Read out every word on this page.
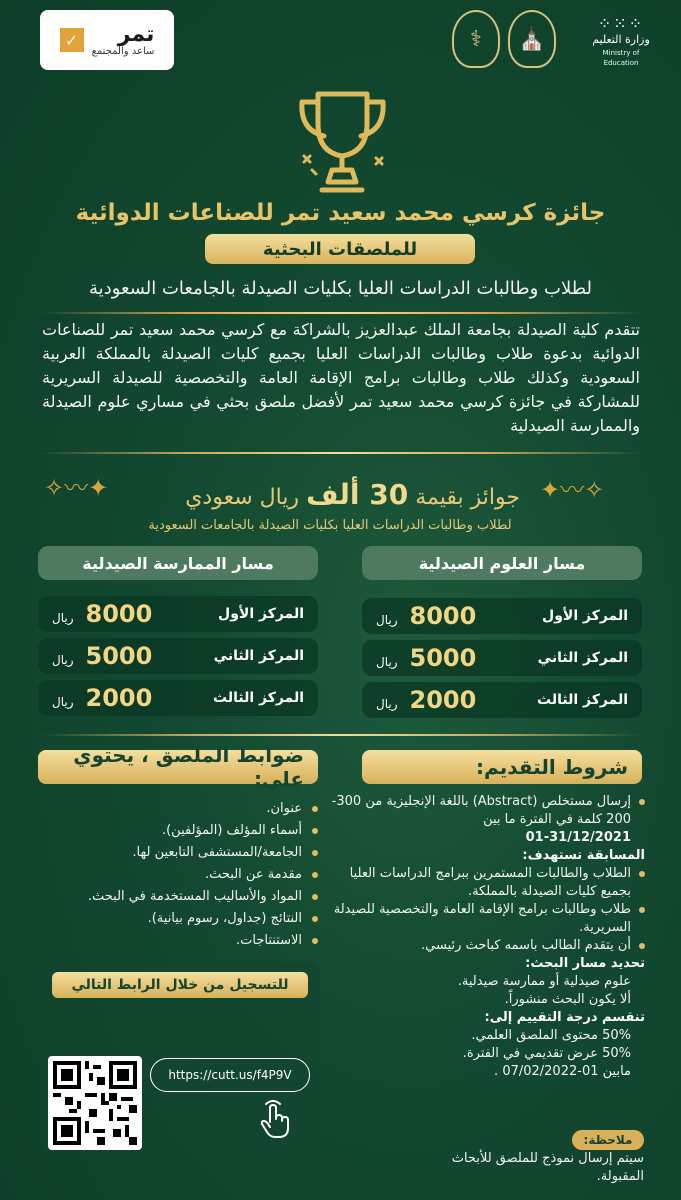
تمر
ساعد والمجتمع
✓	⚕	⛪
⁘⁙⁘
وزارة التعليم
Ministry of Education
جائزة كرسي محمد سعيد تمر للصناعات الدوائية
للملصقات البحثية
لطلاب وطالبات الدراسات العليا بكليات الصيدلة بالجامعات السعودية

تتقدم كلية الصيدلة بجامعة الملك عبدالعزيز بالشراكة مع كرسي محمد سعيد تمر للصناعات الدوائية بدعوة طلاب وطالبات الدراسات العليا بجميع كليات الصيدلة بالمملكة العربية السعودية وكذلك طلاب وطالبات برامج الإقامة العامة والتخصصية للصيدلة السريرية للمشاركة في جائزة كرسي محمد سعيد تمر لأفضل ملصق بحثي في مساري علوم الصيدلة والممارسة الصيدلية

✦〰✧	✧〰✦
جوائز بقيمة 30 ألف ريال سعودي
لطلاب وطالبات الدراسات العليا بكليات الصيدلة بالجامعات السعودية
مسار العلوم الصيدلية
مسار الممارسة الصيدلية
المركز الأول
8000
ريال
المركز الثاني
5000
ريال
المركز الثالث
2000
ريال
المركز الأول
8000
ريال
المركز الثاني
5000
ريال
المركز الثالث
2000
ريال
شروط التقديم:
ضوابط الملصق ، يحتوي على:
إرسال مستخلص (Abstract) باللغة الإنجليزية من 300-200 كلمة في الفترة ما بين
01-31/12/2021
المسابقة تستهدف:
الطلاب والطالبات المستمرين ببرامج الدراسات العليا
بجميع كليات الصيدلة بالمملكة.
طلاب وطالبات برامج الإقامة العامة والتخصصية للصيدلة السريرية.
أن يتقدم الطالب باسمه كباحث رئيسي.
تحديد مسار البحث:
علوم صيدلية أو ممارسة صيدلية.
ألا يكون البحث منشوراً.
تنقسم درجة التقييم إلى:
50% محتوى الملصق العلمي.
50% عرض تقديمي في الفترة.
مابين 01-07/02/2022 .
عنوان.
أسماء المؤلف (المؤلفين).
الجامعة/المستشفى التابعين لها.
مقدمة عن البحث.
المواد والأساليب المستخدمة في البحث.
النتائج (جداول، رسوم بيانية).
الاستنتاجات.
للتسجيل من خلال الرابط التالي
https://cutt.us/f4P9V
ملاحظة:
سيتم إرسال نموذج للملصق للأبحاث المقبولة.
